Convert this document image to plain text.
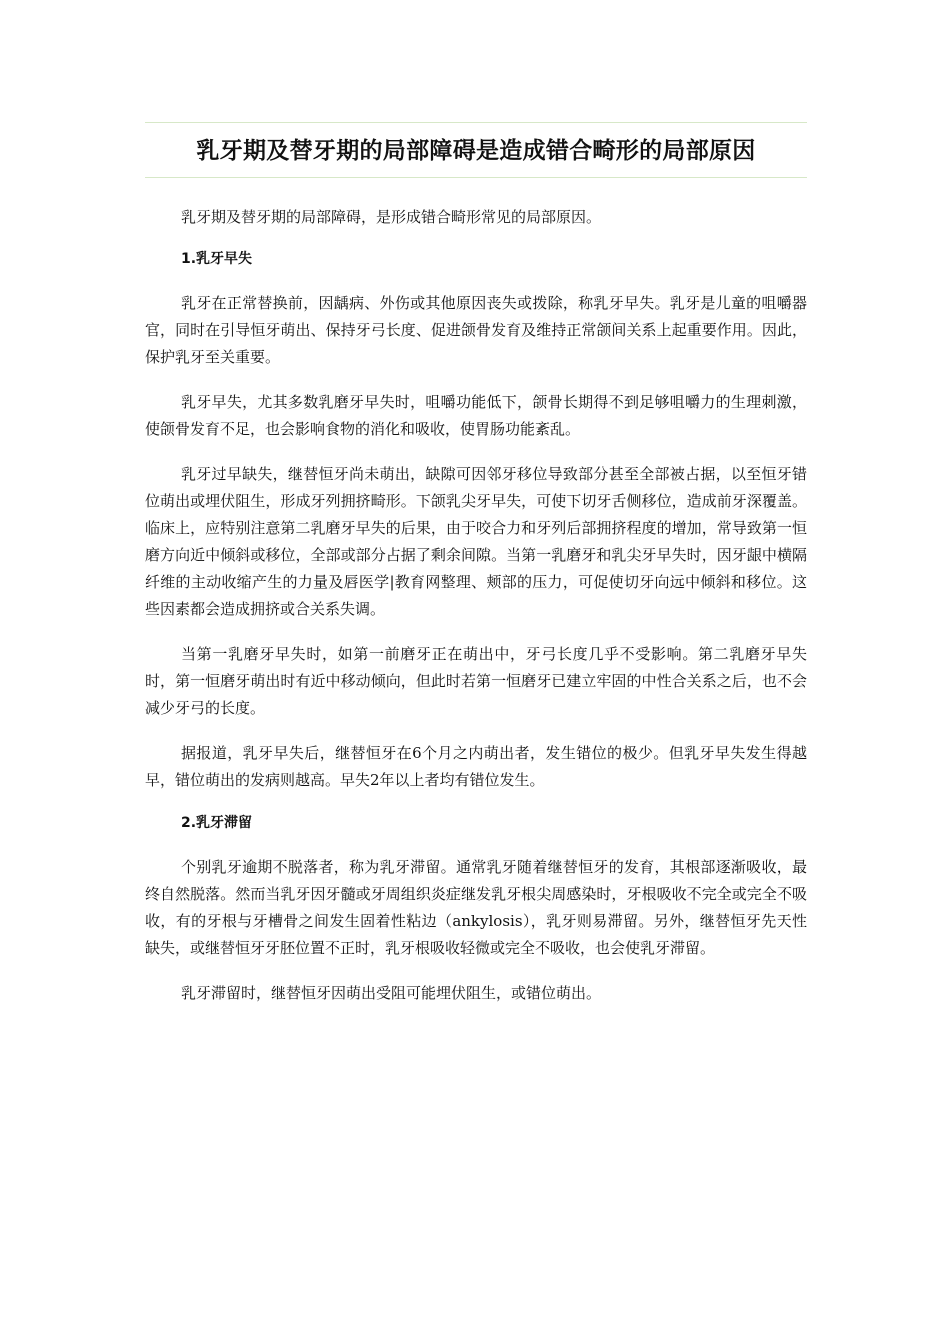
乳牙期及替牙期的局部障碍是造成错合畸形的局部原因

乳牙期及替牙期的局部障碍，是形成错合畸形常见的局部原因。

1.乳牙早失

乳牙在正常替换前，因龋病、外伤或其他原因丧失或拨除，称乳牙早失。乳牙是儿童的咀嚼器官，同时在引导恒牙萌出、保持牙弓长度、促进颌骨发育及维持正常颌间关系上起重要作用。因此，保护乳牙至关重要。

乳牙早失，尤其多数乳磨牙早失时，咀嚼功能低下，颌骨长期得不到足够咀嚼力的生理刺激，使颌骨发育不足，也会影响食物的消化和吸收，使胃肠功能紊乱。

乳牙过早缺失，继替恒牙尚未萌出，缺隙可因邻牙移位导致部分甚至全部被占据，以至恒牙错位萌出或埋伏阻生，形成牙列拥挤畸形。下颌乳尖牙早失，可使下切牙舌侧移位，造成前牙深覆盖。临床上，应特别注意第二乳磨牙早失的后果，由于咬合力和牙列后部拥挤程度的增加，常导致第一恒磨方向近中倾斜或移位，全部或部分占据了剩余间隙。当第一乳磨牙和乳尖牙早失时，因牙龈中横隔纤维的主动收缩产生的力量及唇医学|教育网整理、颊部的压力，可促使切牙向远中倾斜和移位。这些因素都会造成拥挤或合关系失调。

当第一乳磨牙早失时，如第一前磨牙正在萌出中，牙弓长度几乎不受影响。第二乳磨牙早失时，第一恒磨牙萌出时有近中移动倾向，但此时若第一恒磨牙已建立牢固的中性合关系之后，也不会减少牙弓的长度。

据报道，乳牙早失后，继替恒牙在6个月之内萌出者，发生错位的极少。但乳牙早失发生得越早，错位萌出的发病则越高。早失2年以上者均有错位发生。

2.乳牙滞留

个别乳牙逾期不脱落者，称为乳牙滞留。通常乳牙随着继替恒牙的发育，其根部逐渐吸收，最终自然脱落。然而当乳牙因牙髓或牙周组织炎症继发乳牙根尖周感染时，牙根吸收不完全或完全不吸收，有的牙根与牙槽骨之间发生固着性粘边（ankylosis），乳牙则易滞留。另外，继替恒牙先天性缺失，或继替恒牙牙胚位置不正时，乳牙根吸收轻微或完全不吸收，也会使乳牙滞留。

乳牙滞留时，继替恒牙因萌出受阻可能埋伏阻生，或错位萌出。
